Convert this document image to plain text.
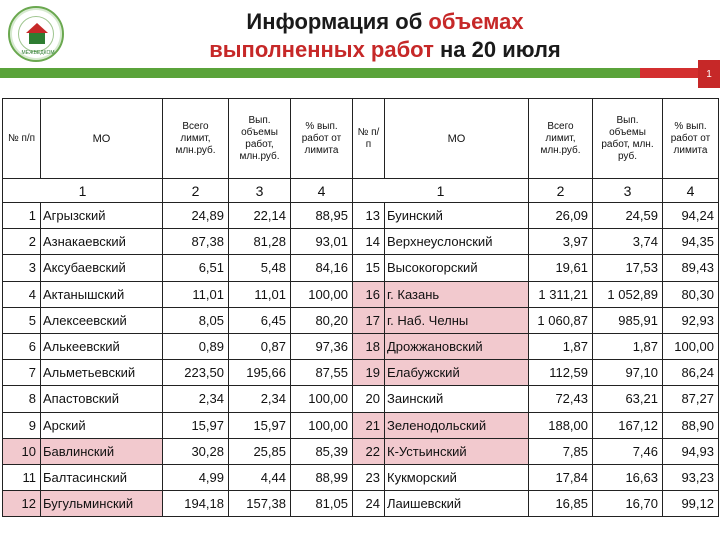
МЕЖВЕДКОМ
Информация об объемах
выполненных работ на 20 июля
1
№ п/п	МО	Всего лимит, млн.руб.	Вып. объемы работ, млн.руб.	% вып. работ от лимита	№ п/п	МО	Всего лимит, млн.руб.	Вып. объемы работ, млн. руб.	% вып. работ от лимита
1		2	3	4	1		2	3	4
1	Агрызский	24,89	22,14	88,95	13	Буинский	26,09	24,59	94,24
2	Азнакаевский	87,38	81,28	93,01	14	Верхнеуслонский	3,97	3,74	94,35
3	Аксубаевский	6,51	5,48	84,16	15	Высокогорский	19,61	17,53	89,43
4	Актанышский	11,01	11,01	100,00	16	г. Казань	1 311,21	1 052,89	80,30
5	Алексеевский	8,05	6,45	80,20	17	г. Наб. Челны	1 060,87	985,91	92,93
6	Алькеевский	0,89	0,87	97,36	18	Дрожжановский	1,87	1,87	100,00
7	Альметьевский	223,50	195,66	87,55	19	Елабужский	112,59	97,10	86,24
8	Апастовский	2,34	2,34	100,00	20	Заинский	72,43	63,21	87,27
9	Арский	15,97	15,97	100,00	21	Зеленодольский	188,00	167,12	88,90
10	Бавлинский	30,28	25,85	85,39	22	К-Устьинский	7,85	7,46	94,93
11	Балтасинский	4,99	4,44	88,99	23	Кукморский	17,84	16,63	93,23
12	Бугульминский	194,18	157,38	81,05	24	Лаишевский	16,85	16,70	99,12
